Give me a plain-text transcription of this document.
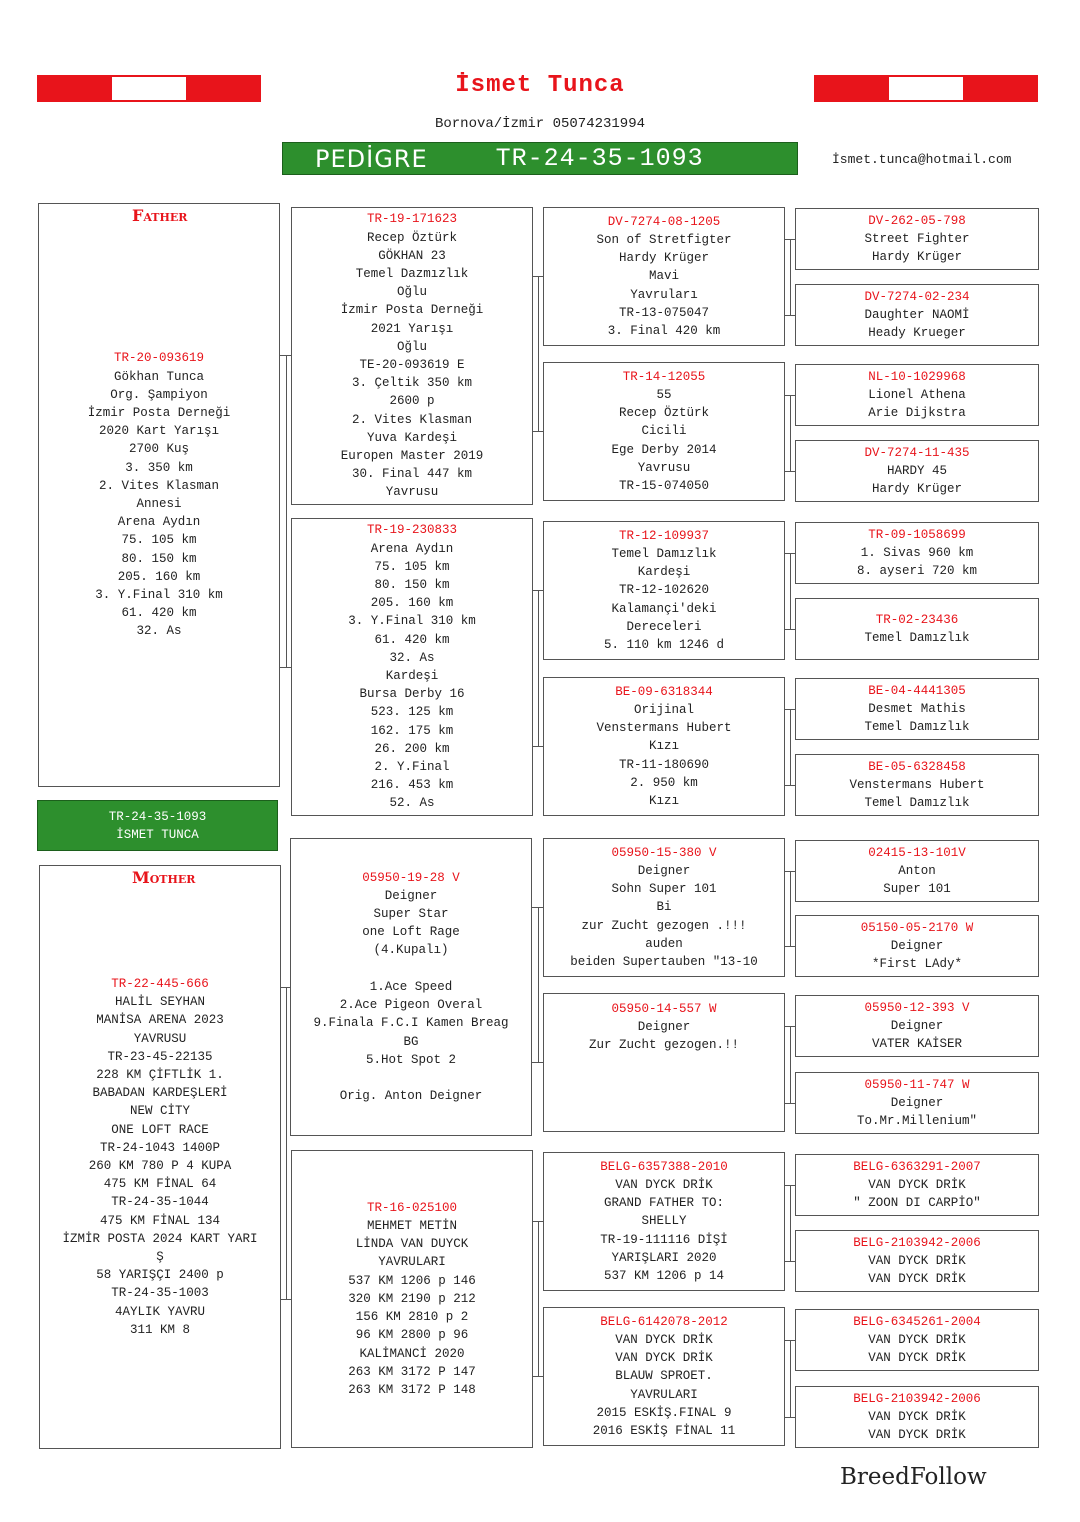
İsmet Tunca
Bornova/İzmir 05074231994
PEDİGRE	TR-24-35-1093	İsmet.tunca@hotmail.com
TR-20-093619
Gökhan Tunca
Org. Şampiyon
İzmir Posta Derneği
2020 Kart Yarışı
2700 Kuş
3. 350 km
2. Vites Klasman
Annesi
Arena Aydın
75. 105 km
80. 150 km
205. 160 km
3. Y.Final 310 km
61. 420 km
32. As
Father
TR-24-35-1093
İSMET TUNCA
TR-22-445-666
HALİL SEYHAN
MANİSA ARENA 2023
YAVRUSU
TR-23-45-22135
228 KM ÇİFTLİK 1.
BABADAN KARDEŞLERİ
NEW CİTY
ONE LOFT RACE
TR-24-1043 1400P
260 KM 780 P 4 KUPA
475 KM FİNAL 64
TR-24-35-1044
475 KM FİNAL 134
İZMİR POSTA 2024 KART YARI
Ş
58 YARIŞÇI 2400 p
TR-24-35-1003
4AYLIK YAVRU
311 KM 8
Mother
TR-19-171623
Recep Öztürk
GÖKHAN 23
Temel Dazmızlık
Oğlu
İzmir Posta Derneği
2021 Yarışı
Oğlu
TE-20-093619 E
3. Çeltik 350 km
2600 p
2. Vites Klasman
Yuva Kardeşi
Europen Master 2019
30. Final 447 km
Yavrusu
TR-19-230833
Arena Aydın
75. 105 km
80. 150 km
205. 160 km
3. Y.Final 310 km
61. 420 km
32. As
Kardeşi
Bursa Derby 16
523. 125 km
162. 175 km
26. 200 km
2. Y.Final
216. 453 km
52. As
05950-19-28 V
Deigner
Super Star
one Loft Rage
(4.Kupalı)

1.Ace Speed
2.Ace Pigeon Overal
9.Finala F.C.I Kamen Breag
BG
5.Hot Spot 2

Orig. Anton Deigner
TR-16-025100
MEHMET METİN
LİNDA VAN DUYCK
YAVRULARI
537 KM 1206 p 146
320 KM 2190 p 212
156 KM 2810 p 2
96 KM 2800 p 96
KALİMANCİ 2020
263 KM 3172 P 147
263 KM 3172 P 148
DV-7274-08-1205
Son of Stretfigter
Hardy Krüger
Mavi
Yavruları
TR-13-075047
3. Final 420 km
TR-14-12055
55
Recep Öztürk
Cicili
Ege Derby 2014
Yavrusu
TR-15-074050
TR-12-109937
Temel Damızlık
Kardeşi
TR-12-102620
Kalamançi'deki
Dereceleri
5. 110 km 1246 d
BE-09-6318344
Orijinal
Venstermans Hubert
Kızı
TR-11-180690
2. 950 km
Kızı
05950-15-380 V
Deigner
Sohn Super 101
Bi
zur Zucht gezogen .!!!
auden
beiden Supertauben "13-10
05950-14-557 W
Deigner
Zur Zucht gezogen.!!
BELG-6357388-2010
VAN DYCK DRİK
GRAND FATHER TO:
SHELLY
TR-19-111116 DİŞİ
YARIŞLARI 2020
537 KM 1206 p 14
BELG-6142078-2012
VAN DYCK DRİK
VAN DYCK DRİK
BLAUW SPROET.
YAVRULARI
2015 ESKİŞ.FINAL 9
2016 ESKİŞ FİNAL 11
DV-262-05-798
Street Fighter
Hardy Krüger
DV-7274-02-234
Daughter NAOMİ
Heady Krueger
NL-10-1029968
Lionel Athena
Arie Dijkstra
DV-7274-11-435
HARDY 45
Hardy Krüger
TR-09-1058699
1. Sivas 960 km
8. ayseri 720 km
TR-02-23436
Temel Damızlık
BE-04-4441305
Desmet Mathis
Temel Damızlık
BE-05-6328458
Venstermans Hubert
Temel Damızlık
02415-13-101V
Anton
Super 101
05150-05-2170 W
Deigner
*First LAdy*
05950-12-393 V
Deigner
VATER KAİSER
05950-11-747 W
Deigner
To.Mr.Millenium"
BELG-6363291-2007
VAN DYCK DRİK
" ZOON DI CARPİO"
BELG-2103942-2006
VAN DYCK DRİK
VAN DYCK DRİK
BELG-6345261-2004
VAN DYCK DRİK
VAN DYCK DRİK
BELG-2103942-2006
VAN DYCK DRİK
VAN DYCK DRİK
BreedFollow
